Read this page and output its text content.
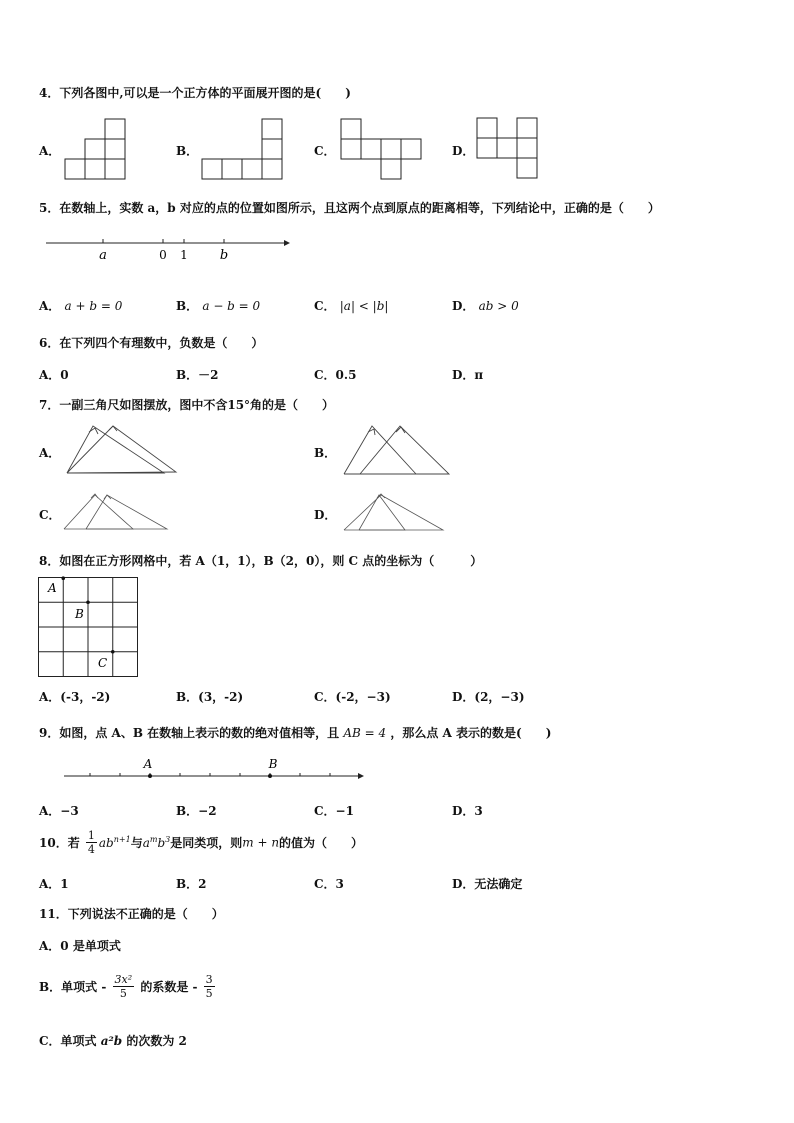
4．下列各图中,可以是一个正方体的平面展开图的是(　　)
A．	B．	C．	D．
5．在数轴上，实数 a，b 对应的点的位置如图所示，且这两个点到原点的距离相等，下列结论中，正确的是（　　）
a	0 1 b
A． a + b = 0	B． a − b = 0	C． |a| < |b|	D． ab > 0
6．在下列四个有理数中，负数是（　　）
A．0	B．－2	C．0.5	D．π
7．一副三角尺如图摆放，图中不含15°角的是（　　）
A．	B．
C．	D．
8．如图在正方形网格中，若 A（1，1），B（2，0），则 C 点的坐标为（　　　）
A
B
C
A．(-3，-2)	B．(3，-2)	C．(-2，−3)	D．(2，−3)
9．如图，点 A、B 在数轴上表示的数的绝对值相等，且 AB = 4 ，那么点 A 表示的数是(　　)
A	B
A．−3	B．−2	C．−1	D．3
10．若 $\frac{1}{4} ab^{n+1}$与$a^mb^3$是同类项，则m + n的值为（　　）
A．1	B．2	C．3	D．无法确定
11．下列说法不正确的是（　　）
A．0 是单项式
B．单项式 - $\frac{\text{3x²}}{5}$ 的系数是 - $\frac{3}{5}$
C．单项式 a²b 的次数为 2
